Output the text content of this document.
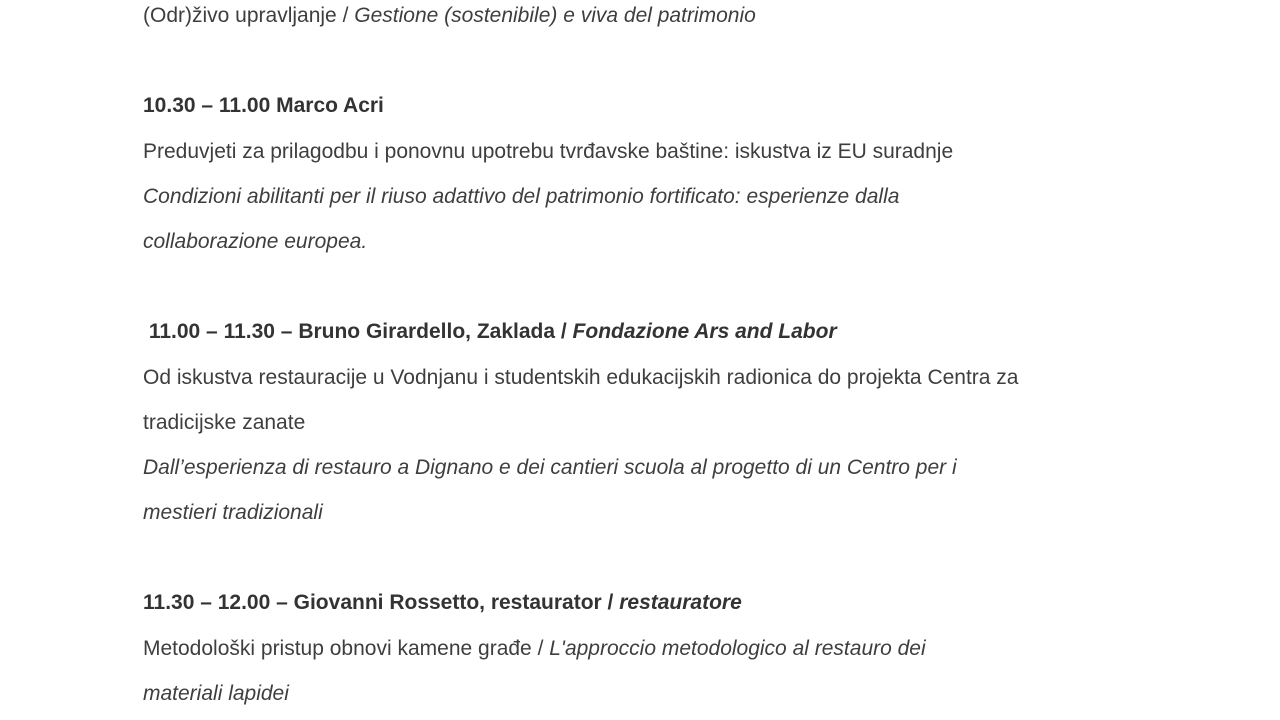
(Odr)živo upravljanje / Gestione (sostenibile) e viva del patrimonio
10.30 – 11.00 Marco Acri
Preduvjeti za prilagodbu i ponovnu upotrebu tvrđavske baštine: iskustva iz EU suradnje
Condizioni abilitanti per il riuso adattivo del patrimonio fortificato: esperienze dalla
collaborazione europea.
11.00 – 11.30 – Bruno Girardello, Zaklada / Fondazione Ars and Labor
Od iskustva restauracije u Vodnjanu i studentskih edukacijskih radionica do projekta Centra za
tradicijske zanate
Dall’esperienza di restauro a Dignano e dei cantieri scuola al progetto di un Centro per i
mestieri tradizionali
11.30 – 12.00 – Giovanni Rossetto, restaurator / restauratore
Metodološki pristup obnovi kamene građe / L'approccio metodologico al restauro dei
materiali lapidei
